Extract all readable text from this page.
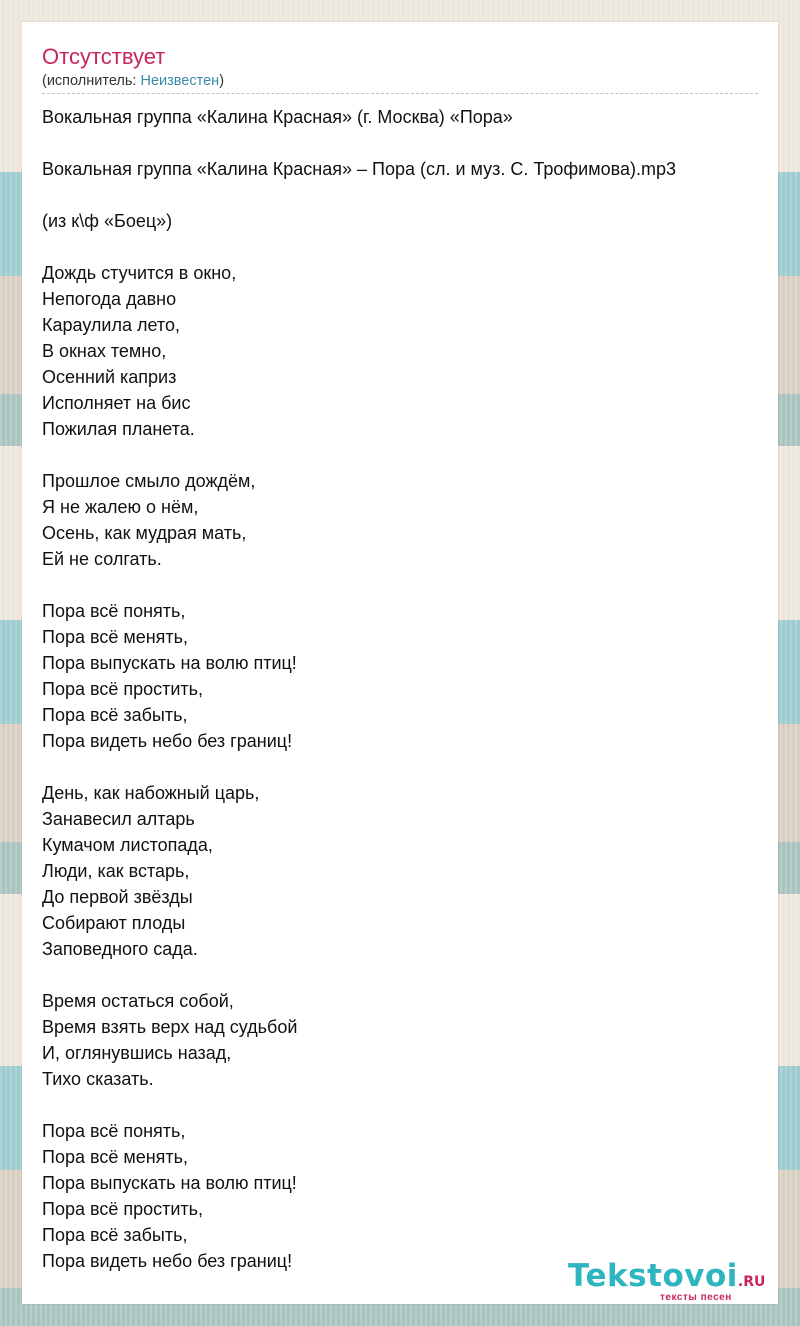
Отсутствует
(исполнитель: Неизвестен)
Вокальная группа «Калина Красная» (г. Москва) «Пора»
Вокальная группа «Калина Красная» – Пора (сл. и муз. С. Трофимова).mp3
(из к\ф «Боец»)
Дождь стучится в окно,
Непогода давно
Караулила лето,
В окнах темно,
Осенний каприз
Исполняет на бис
Пожилая планета.
Прошлое смыло дождём,
Я не жалею о нём,
Осень, как мудрая мать,
Ей не солгать.
Пора всё понять,
Пора всё менять,
Пора выпускать на волю птиц!
Пора всё простить,
Пора всё забыть,
Пора видеть небо без границ!
День, как набожный царь,
Занавесил алтарь
Кумачом листопада,
Люди, как встарь,
До первой звёзды
Собирают плоды
Заповедного сада.
Время остаться собой,
Время взять верх над судьбой
И, оглянувшись назад,
Тихо сказать.
Пора всё понять,
Пора всё менять,
Пора выпускать на волю птиц!
Пора всё простить,
Пора всё забыть,
Пора видеть небо без границ!	Tekstovoi.RU
тексты песен
